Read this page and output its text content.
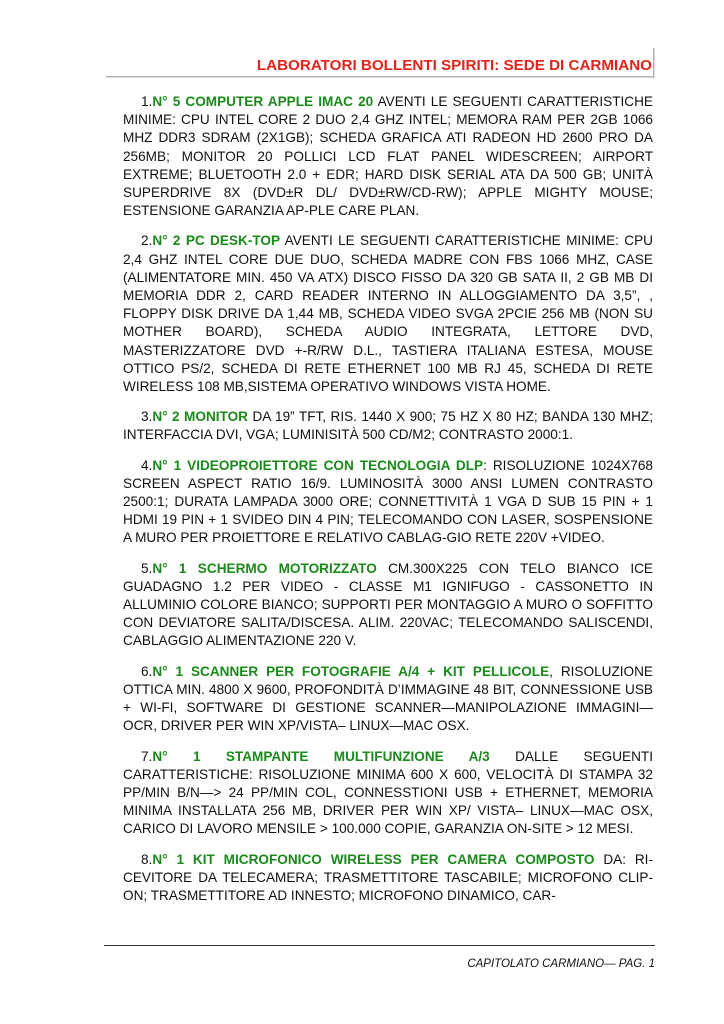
LABORATORI BOLLENTI SPIRITI: SEDE DI CARMIANO

1.N° 5 COMPUTER APPLE IMAC 20 AVENTI LE SEGUENTI CARATTERISTICHE MINIME: CPU INTEL CORE 2 DUO 2,4 GHZ INTEL; MEMORA RAM PER 2GB 1066 MHZ DDR3 SDRAM (2X1GB); SCHEDA GRAFICA ATI RADEON HD 2600 PRO DA 256MB; MONITOR 20 POLLICI LCD FLAT PANEL WIDESCREEN; AIRPORT EXTREME; BLUETOOTH 2.0 + EDR; HARD DISK SERIAL ATA DA 500 GB; UNITÀ SUPERDRIVE 8X (DVD±R DL/ DVD±RW/CD-RW); APPLE MIGHTY MOUSE; ESTENSIONE GARANZIA AP-PLE CARE PLAN.

2.N° 2 PC DESK-TOP AVENTI LE SEGUENTI CARATTERISTICHE MINIME: CPU 2,4 GHZ INTEL CORE DUE DUO, SCHEDA MADRE CON FBS 1066 MHZ, CASE (ALIMENTATORE MIN. 450 VA ATX) DISCO FISSO DA 320 GB SATA II, 2 GB MB DI MEMORIA DDR 2, CARD READER INTERNO IN ALLOGGIAMENTO DA 3,5”, , FLOPPY DISK DRIVE DA 1,44 MB, SCHEDA VIDEO SVGA 2PCIE 256 MB (NON SU MOTHER BOARD), SCHEDA AUDIO INTEGRATA, LETTORE DVD, MASTERIZZATORE DVD +-R/RW D.L., TASTIERA ITALIANA ESTESA, MOUSE OTTICO PS/2, SCHEDA DI RETE ETHERNET 100 MB RJ 45, SCHEDA DI RETE WIRELESS 108 MB,SISTEMA OPERATIVO WINDOWS VISTA HOME.

3.N° 2 MONITOR DA 19” TFT, RIS. 1440 X 900; 75 HZ X 80 HZ; BANDA 130 MHZ; INTERFACCIA DVI, VGA; LUMINISITÀ 500 CD/M2; CONTRASTO 2000:1.

4.N° 1 VIDEOPROIETTORE CON TECNOLOGIA DLP: RISOLUZIONE 1024X768 SCREEN ASPECT RATIO 16/9. LUMINOSITÀ 3000 ANSI LUMEN CONTRASTO 2500:1; DURATA LAMPADA 3000 ORE; CONNETTIVITÀ 1 VGA D SUB 15 PIN + 1 HDMI 19 PIN + 1 SVIDEO DIN 4 PIN; TELECOMANDO CON LASER, SOSPENSIONE A MURO PER PROIETTORE E RELATIVO CABLAG-GIO RETE 220V +VIDEO.

5.N° 1 SCHERMO MOTORIZZATO CM.300X225 CON TELO BIANCO ICE GUADAGNO 1.2 PER VIDEO - CLASSE M1 IGNIFUGO - CASSONETTO IN ALLUMINIO COLORE BIANCO; SUPPORTI PER MONTAGGIO A MURO O SOFFITTO CON DEVIATORE SALITA/DISCESA. ALIM. 220VAC; TELECOMANDO SALISCENDI, CABLAGGIO ALIMENTAZIONE 220 V.

6.N° 1 SCANNER PER FOTOGRAFIE A/4 + KIT PELLICOLE, RISOLUZIONE OTTICA MIN. 4800 X 9600, PROFONDITÀ D’IMMAGINE 48 BIT, CONNESSIONE USB + WI-FI, SOFTWARE DI GESTIONE SCANNER—MANIPOLAZIONE IMMAGINI—OCR, DRIVER PER WIN XP/VISTA– LINUX—MAC OSX.

7.N° 1 STAMPANTE MULTIFUNZIONE A/3 DALLE SEGUENTI CARATTERISTICHE: RISOLUZIONE MINIMA 600 X 600, VELOCITÀ DI STAMPA 32 PP/MIN B/N—> 24 PP/MIN COL, CONNESSTIONI USB + ETHERNET, MEMORIA MINIMA INSTALLATA 256 MB, DRIVER PER WIN XP/ VISTA– LINUX—MAC OSX, CARICO DI LAVORO MENSILE > 100.000 COPIE, GARANZIA ON-SITE > 12 MESI.

8.N° 1 KIT MICROFONICO WIRELESS PER CAMERA COMPOSTO DA: RI-CEVITORE DA TELECAMERA; TRASMETTITORE TASCABILE; MICROFONO CLIP-ON; TRASMETTITORE AD INNESTO; MICROFONO DINAMICO, CAR-

CAPITOLATO CARMIANO— PAG. 1
